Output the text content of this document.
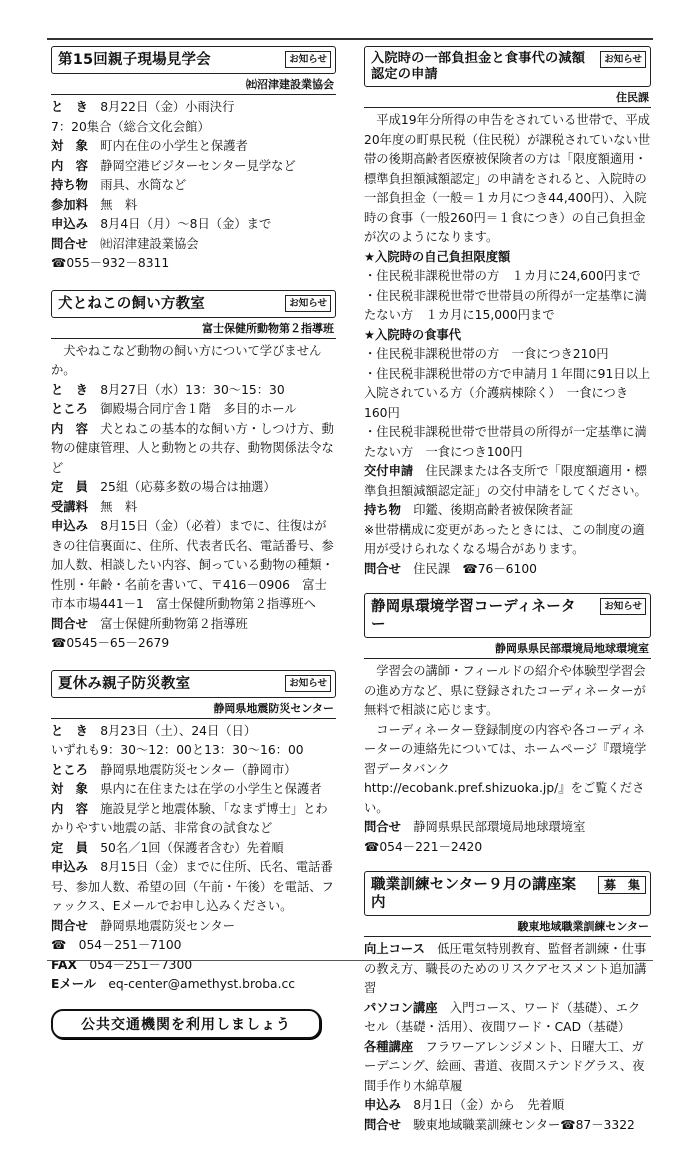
第15回親子現場見学会	お知らせ
㈳沼津建設業協会
と　き　 8月22日（金）小雨決行
7：20集合（総合文化会館）
対　象　 町内在住の小学生と保護者
内　容　 静岡空港ビジターセンター見学など
持ち物　 雨具、水筒など
参加料　 無　料
申込み　 8月4日（月）〜8日（金）まで
問合せ　 ㈳沼津建設業協会
☎055－932－8311
犬とねこの飼い方教室	お知らせ
富士保健所動物第２指導班
犬やねこなど動物の飼い方について学びませんか。
と　き　 8月27日（水）13：30〜15：30
ところ　 御殿場合同庁舎１階　多目的ホール
内　容　 犬とねこの基本的な飼い方・しつけ方、動物の健康管理、人と動物との共存、動物関係法令など
定　員　 25組（応募多数の場合は抽選）
受講料　 無　料
申込み　 8月15日（金）（必着）までに、往復はがきの往信裏面に、住所、代表者氏名、電話番号、参加人数、相談したい内容、飼っている動物の種類・性別・年齢・名前を書いて、〒416－0906　富士市本市場441－1　富士保健所動物第２指導班へ
問合せ　 富士保健所動物第２指導班
☎0545－65－2679
夏休み親子防災教室	お知らせ
静岡県地震防災センター
と　き　 8月23日（土）、24日（日）
いずれも9：30〜12：00と13：30〜16：00
ところ　 静岡県地震防災センター（静岡市）
対　象　 県内に在住または在学の小学生と保護者
内　容　 施設見学と地震体験、「なまず博士」とわかりやすい地震の話、非常食の試食など
定　員　 50名／1回（保護者含む）先着順
申込み　 8月15日（金）までに住所、氏名、電話番号、参加人数、希望の回（午前・午後）を電話、ファックス、Eメールでお申し込みください。
問合せ　 静岡県地震防災センター
☎　 054－251－7100
FAX　 054－251－7300
Eメール　 eq-center@amethyst.broba.cc
公共交通機関を利用しましょう
入院時の一部負担金と食事代の減額認定の申請
お知らせ
住民課
平成19年分所得の申告をされている世帯で、平成20年度の町県民税（住民税）が課税されていない世帯の後期高齢者医療被保険者の方は「限度額適用・標準負担額減額認定」の申請をされると、入院時の一部負担金（一般＝１カ月につき44,400円）、入院時の食事（一般260円＝１食につき）の自己負担金が次のようになります。
★入院時の自己負担限度額
・住民税非課税世帯の方　１カ月に24,600円まで
・住民税非課税世帯で世帯員の所得が一定基準に満たない方　１カ月に15,000円まで
★入院時の食事代
・住民税非課税世帯の方　一食につき210円
・住民税非課税世帯の方で申請月１年間に91日以上入院されている方（介護病棟除く）　一食につき160円
・住民税非課税世帯で世帯員の所得が一定基準に満たない方　一食につき100円
交付申請　 住民課または各支所で「限度額適用・標準負担額減額認定証」の交付申請をしてください。
持ち物　 印鑑、後期高齢者被保険者証
※世帯構成に変更があったときには、この制度の適用が受けられなくなる場合があります。
問合せ　 住民課　☎76－6100
静岡県環境学習コーディネーター
お知らせ
静岡県県民部環境局地球環境室
学習会の講師・フィールドの紹介や体験型学習会の進め方など、県に登録されたコーディネーターが無料で相談に応じます。
コーディネーター登録制度の内容や各コーディネーターの連絡先については、ホームページ『環境学習データバンク　http://ecobank.pref.shizuoka.jp/』をご覧ください。
問合せ　 静岡県県民部環境局地球環境室
☎054－221－2420
職業訓練センター９月の講座案内
募　集
駿東地域職業訓練センター
向上コース　 低圧電気特別教育、監督者訓練・仕事の教え方、職長のためのリスクアセスメント追加講習
パソコン講座　 入門コース、ワード（基礎）、エクセル（基礎・活用）、夜間ワード・CAD（基礎）
各種講座　 フラワーアレンジメント、日曜大工、ガーデニング、絵画、書道、夜間ステンドグラス、夜間手作り木綿草履
申込み　 8月1日（金）から　先着順
問合せ　 駿東地域職業訓練センター☎87－3322
